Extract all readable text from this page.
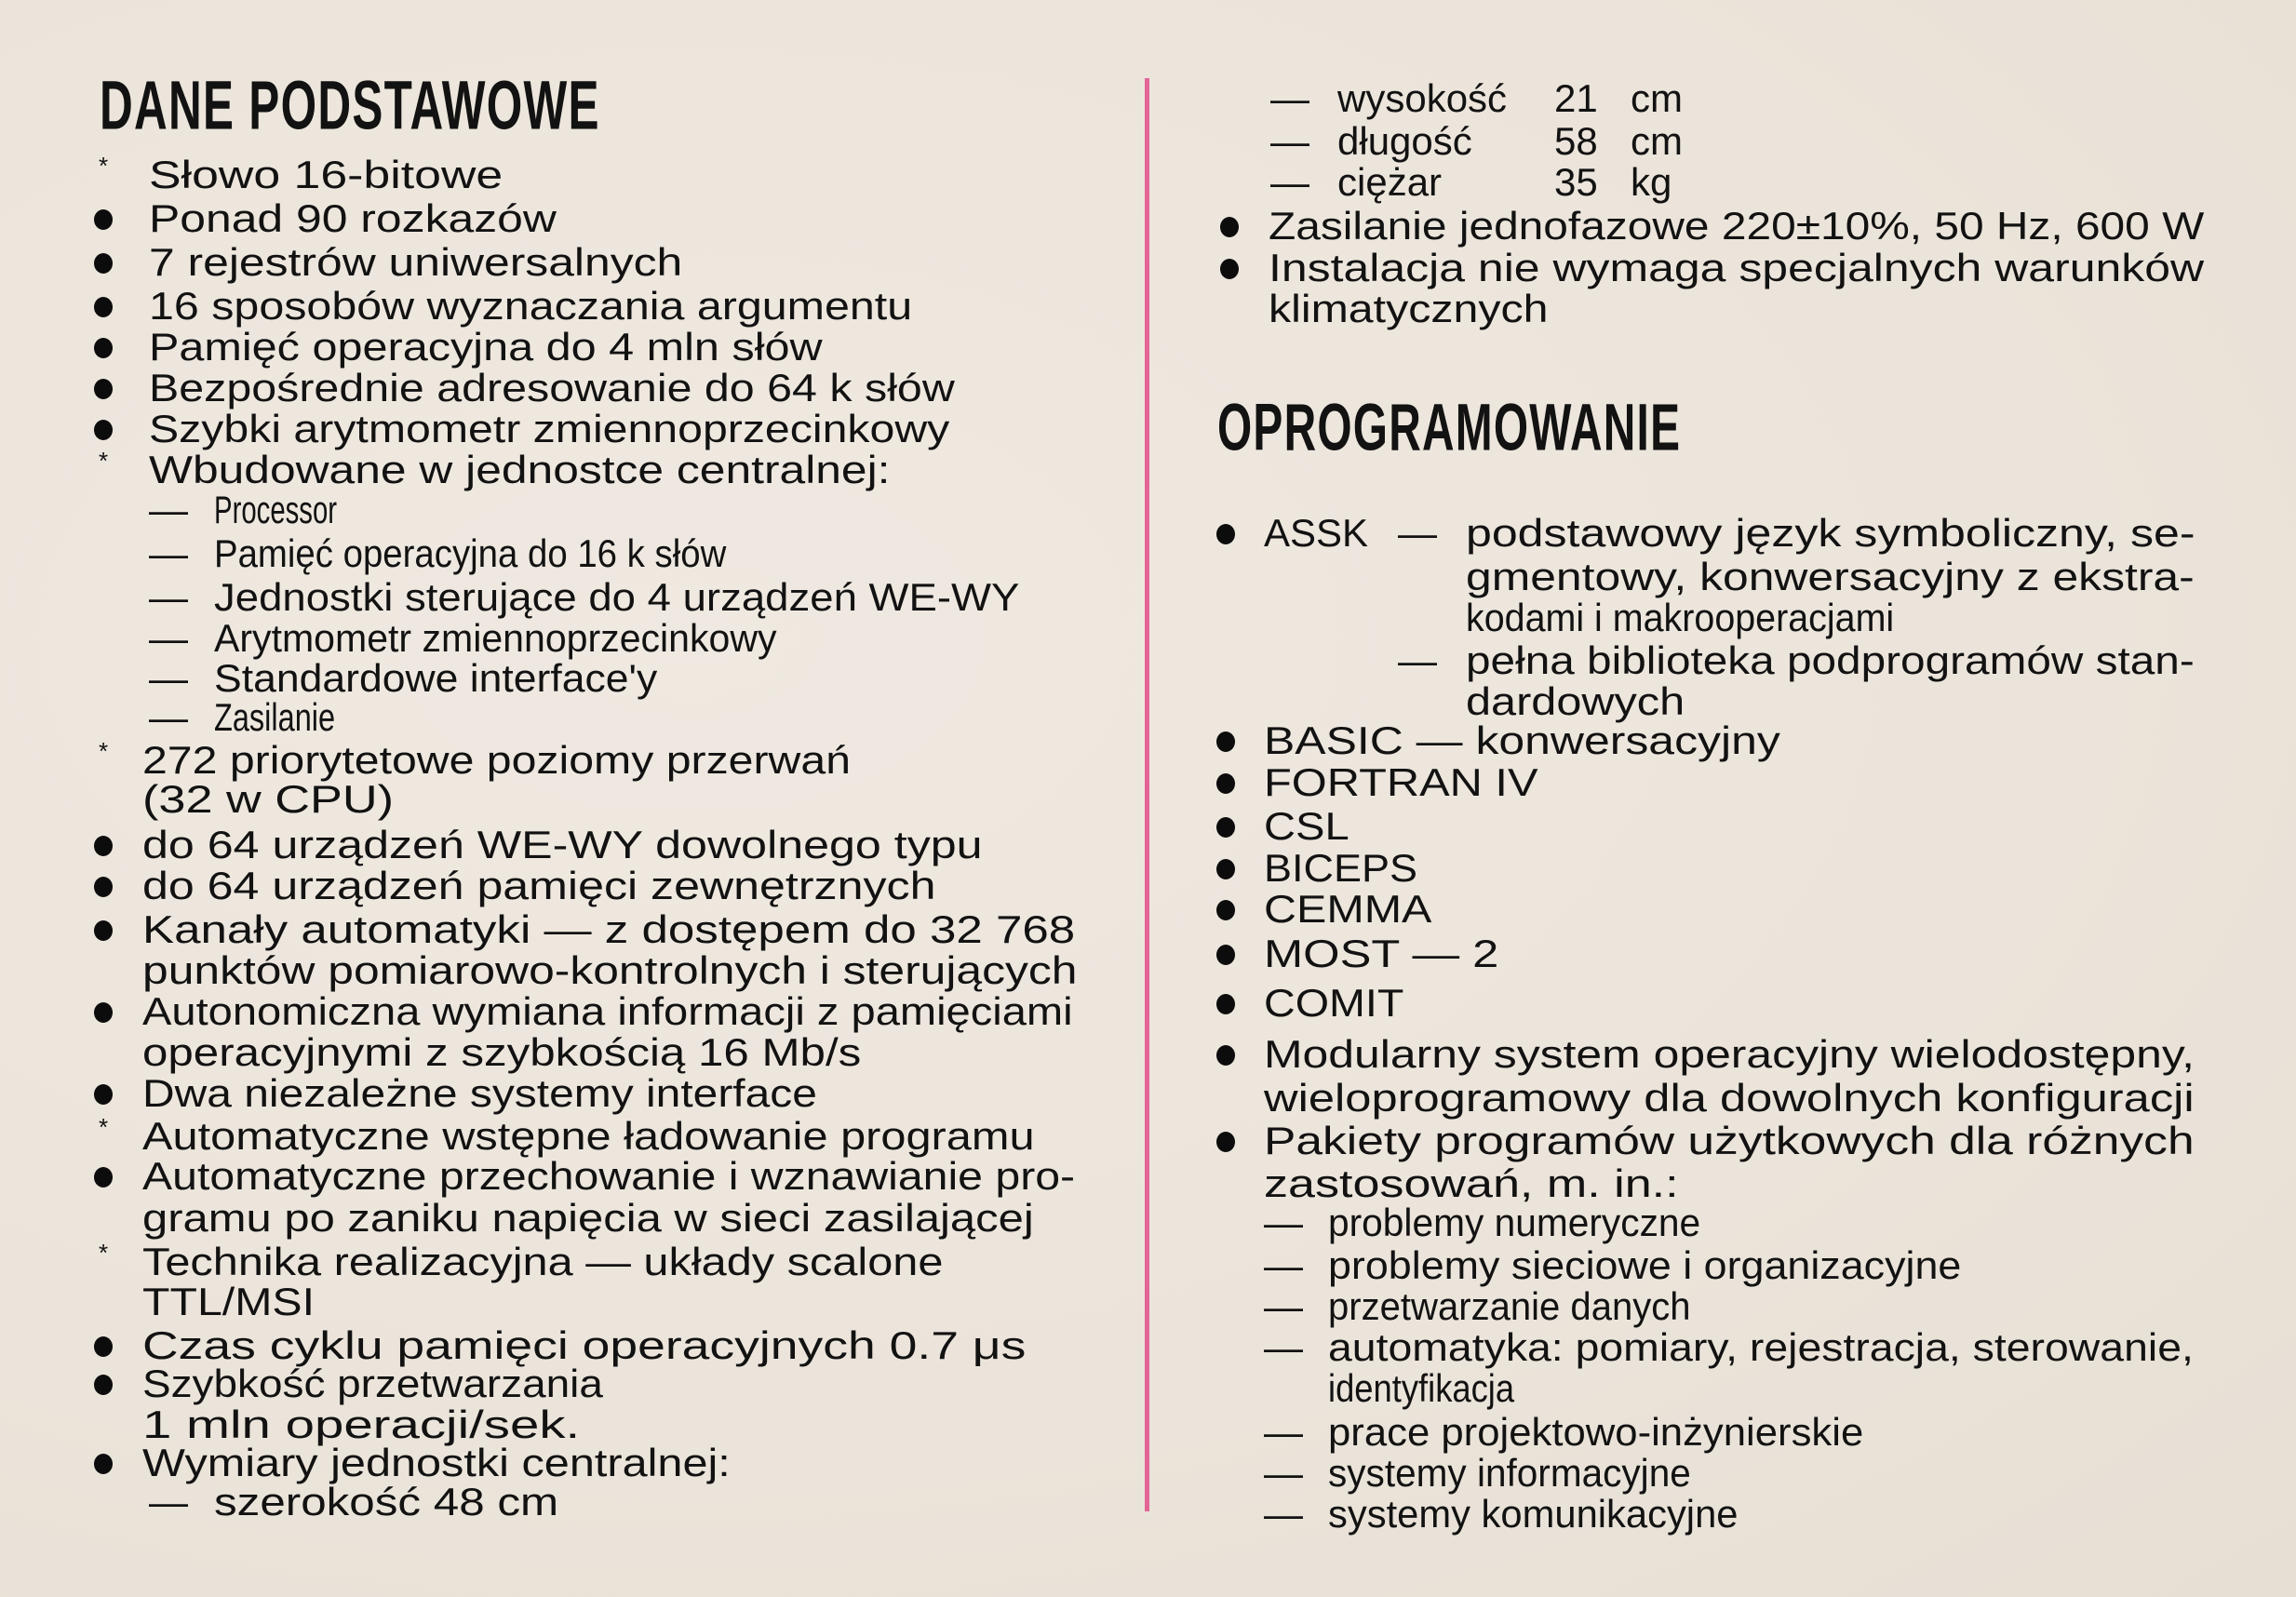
DANE PODSTAWOWE
OPROGRAMOWANIE
* Słowo 16-bitowe
Ponad 90 rozkazów
7 rejestrów uniwersalnych
16 sposobów wyznaczania argumentu
Pamięć operacyjna do 4 mln słów
Bezpośrednie adresowanie do 64 k słów
Szybki arytmometr zmiennoprzecinkowy
* Wbudowane w jednostce centralnej:
— Processor
— Pamięć operacyjna do 16 k słów
— Jednostki sterujące do 4 urządzeń WE-WY
— Arytmometr zmiennoprzecinkowy
— Standardowe interface'y
— Zasilanie
* 272 priorytetowe poziomy przerwań
(32 w CPU)
do 64 urządzeń WE-WY dowolnego typu
do 64 urządzeń pamięci zewnętrznych
Kanały automatyki — z dostępem do 32 768
punktów pomiarowo-kontrolnych i sterujących
Autonomiczna wymiana informacji z pamięciami
operacyjnymi z szybkością 16 Mb/s
Dwa niezależne systemy interface
* Automatyczne wstępne ładowanie programu
Automatyczne przechowanie i wznawianie pro-
gramu po zaniku napięcia w sieci zasilającej
* Technika realizacyjna — układy scalone
TTL/MSI
Czas cyklu pamięci operacyjnych 0.7 μs
Szybkość przetwarzania
1 mln operacji/sek.
Wymiary jednostki centralnej:
— szerokość 48 cm
— wysokość 21 cm
— długość 58 cm
— ciężar	35 kg
Zasilanie jednofazowe 220±10%, 50 Hz, 600 W
Instalacja nie wymaga specjalnych warunków
klimatycznych
ASSK — podstawowy język symboliczny, se-
gmentowy, konwersacyjny z ekstra-
kodami i makrooperacjami
— pełna biblioteka podprogramów stan-
dardowych
BASIC — konwersacyjny
FORTRAN IV
CSL
BICEPS
CEMMA
MOST — 2
COMIT
Modularny system operacyjny wielodostępny,
wieloprogramowy dla dowolnych konfiguracji
Pakiety programów użytkowych dla różnych
zastosowań, m. in.:
— problemy numeryczne
— problemy sieciowe i organizacyjne
— przetwarzanie danych
— automatyka: pomiary, rejestracja, sterowanie,
identyfikacja
— prace projektowo-inżynierskie
— systemy informacyjne
— systemy komunikacyjne
